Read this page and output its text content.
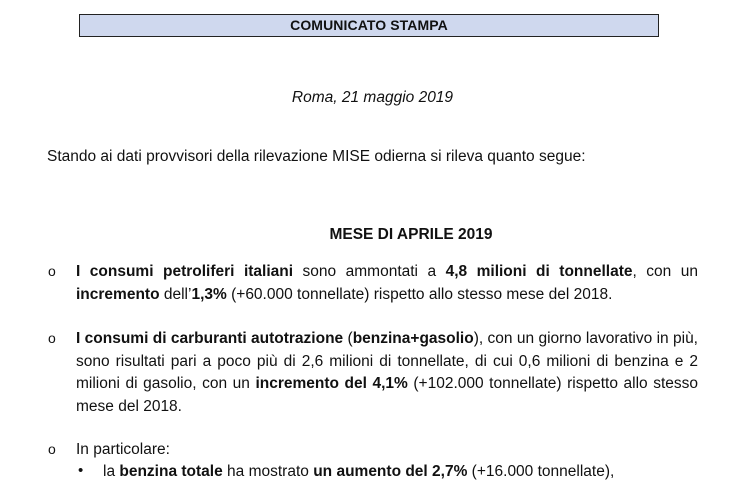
COMUNICATO STAMPA
Roma, 21 maggio 2019
Stando ai dati provvisori della rilevazione MISE odierna si rileva quanto segue:
MESE DI APRILE 2019
o I consumi petroliferi italiani sono ammontati a 4,8 milioni di tonnellate, con un incremento dell’1,3% (+60.000 tonnellate) rispetto allo stesso mese del 2018.
o I consumi di carburanti autotrazione (benzina+gasolio), con un giorno lavorativo in più, sono risultati pari a poco più di 2,6 milioni di tonnellate, di cui 0,6 milioni di benzina e 2 milioni di gasolio, con un incremento del 4,1% (+102.000 tonnellate) rispetto allo stesso mese del 2018.
o In particolare:
• la benzina totale ha mostrato un aumento del 2,7% (+16.000 tonnellate),
